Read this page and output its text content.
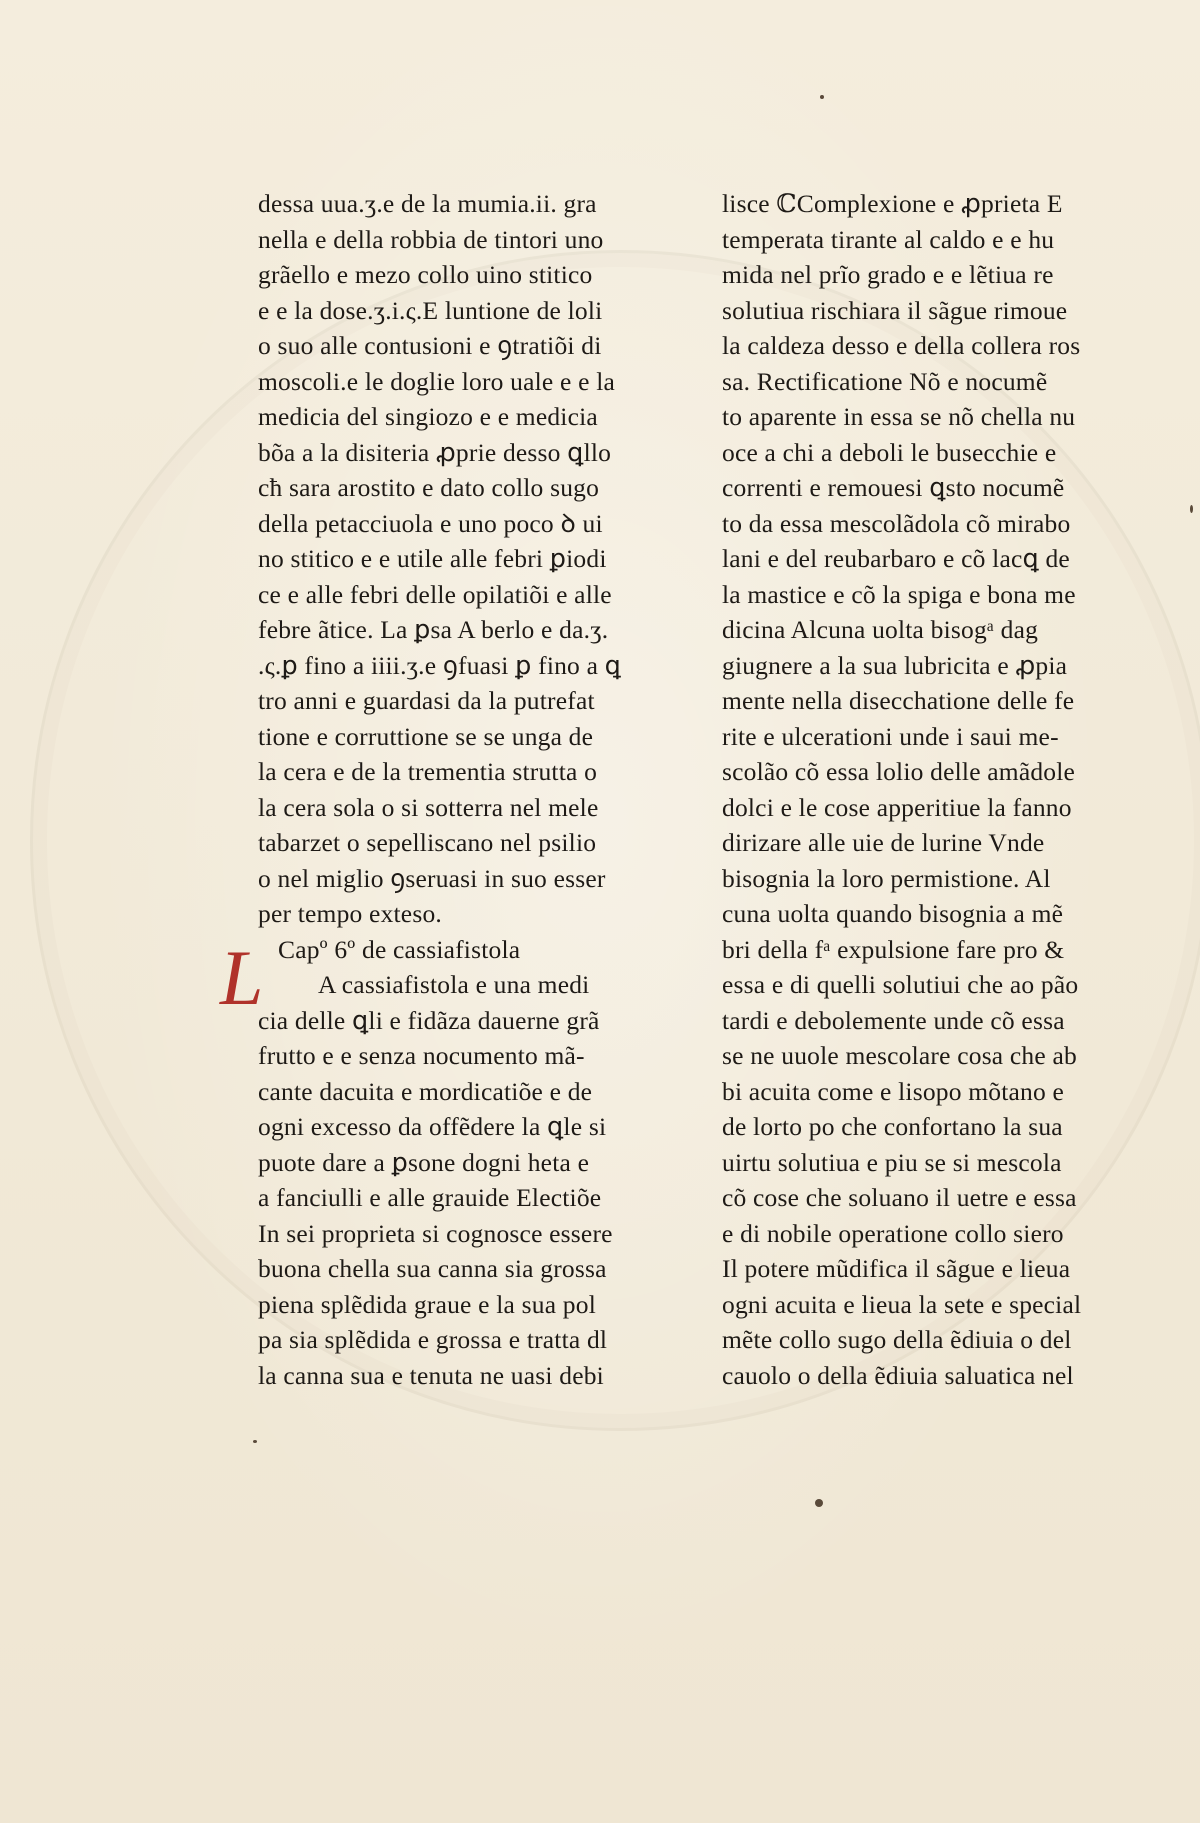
dessa uua.ʒ.e de la mumia.ii. gra
nella e della robbia de tintori uno
grãello e mezo collo uino stitico
e e la dose.ʒ.i.ς.E luntione de loli
o suo alle contusioni e ꝯtratiõi di
moscoli.e le doglie loro uale e e la
medicia del singiozo e e medicia
bõa a la disiteria ꝓprie desso ꝗllo
cħ sara arostito e dato collo sugo
della petacciuola e uno poco ꝺ ui
no stitico e e utile alle febri ꝑiodi
ce e alle febri delle opilatiõi e alle
febre ãtice. La ꝑsa A berlo e da.ʒ.
.ς.ꝑ fino a iiii.ʒ.e ꝯfuasi ꝑ fino a ꝗ
tro anni e guardasi da la putrefat
tione e corruttione se se unga de
la cera e de la trementia strutta o
la cera sola o si sotterra nel mele
tabarzet o sepelliscano nel psilio
o nel miglio ꝯseruasi in suo esser
per tempo exteso.
L Capº 6º de cassiafistola
A cassiafistola e una medi
cia delle ꝗli e fidãza dauerne grã
frutto e e senza nocumento mã-
cante dacuita e mordicatiõe e de
ogni excesso da offẽdere la ꝗle si
puote dare a ꝑsone dogni heta e
a fanciulli e alle grauide Electiõe
In sei proprieta si cognosce essere
buona chella sua canna sia grossa
piena splẽdida graue e la sua pol
pa sia splẽdida e grossa e tratta dl
la canna sua e tenuta ne uasi debi
lisce ℂComplexione e ꝓprieta E
temperata tirante al caldo e e hu
mida nel prĩo grado e e lẽtiua re
solutiua rischiara il sãgue rimoue
la caldeza desso e della collera ros
sa. Rectificatione Nõ e nocumẽ
to aparente in essa se nõ chella nu
oce a chi a deboli le busecchie e
correnti e remouesi ꝗsto nocumẽ
to da essa mescolãdola cõ mirabo
lani e del reubarbaro e cõ lacꝗ de
la mastice e cõ la spiga e bona me
dicina Alcuna uolta bisogᵃ dag
giugnere a la sua lubricita e ꝓpia
mente nella disecchatione delle fe
rite e ulcerationi unde i saui me-
scolão cõ essa lolio delle amãdole
dolci e le cose apperitiue la fanno
dirizare alle uie de lurine Vnde
bisognia la loro permistione. Al
cuna uolta quando bisognia a mẽ
bri della fᵃ expulsione fare pro &
essa e di quelli solutiui che ao pão
tardi e debolemente unde cõ essa
se ne uuole mescolare cosa che ab
bi acuita come e lisopo mõtano e
de lorto po che confortano la sua
uirtu solutiua e piu se si mescola
cõ cose che soluano il uetre e essa
e di nobile operatione collo siero
Il potere mũdifica il sãgue e lieua
ogni acuita e lieua la sete e special
mẽte collo sugo della ẽdiuia o del
cauolo o della ẽdiuia saluatica nel
